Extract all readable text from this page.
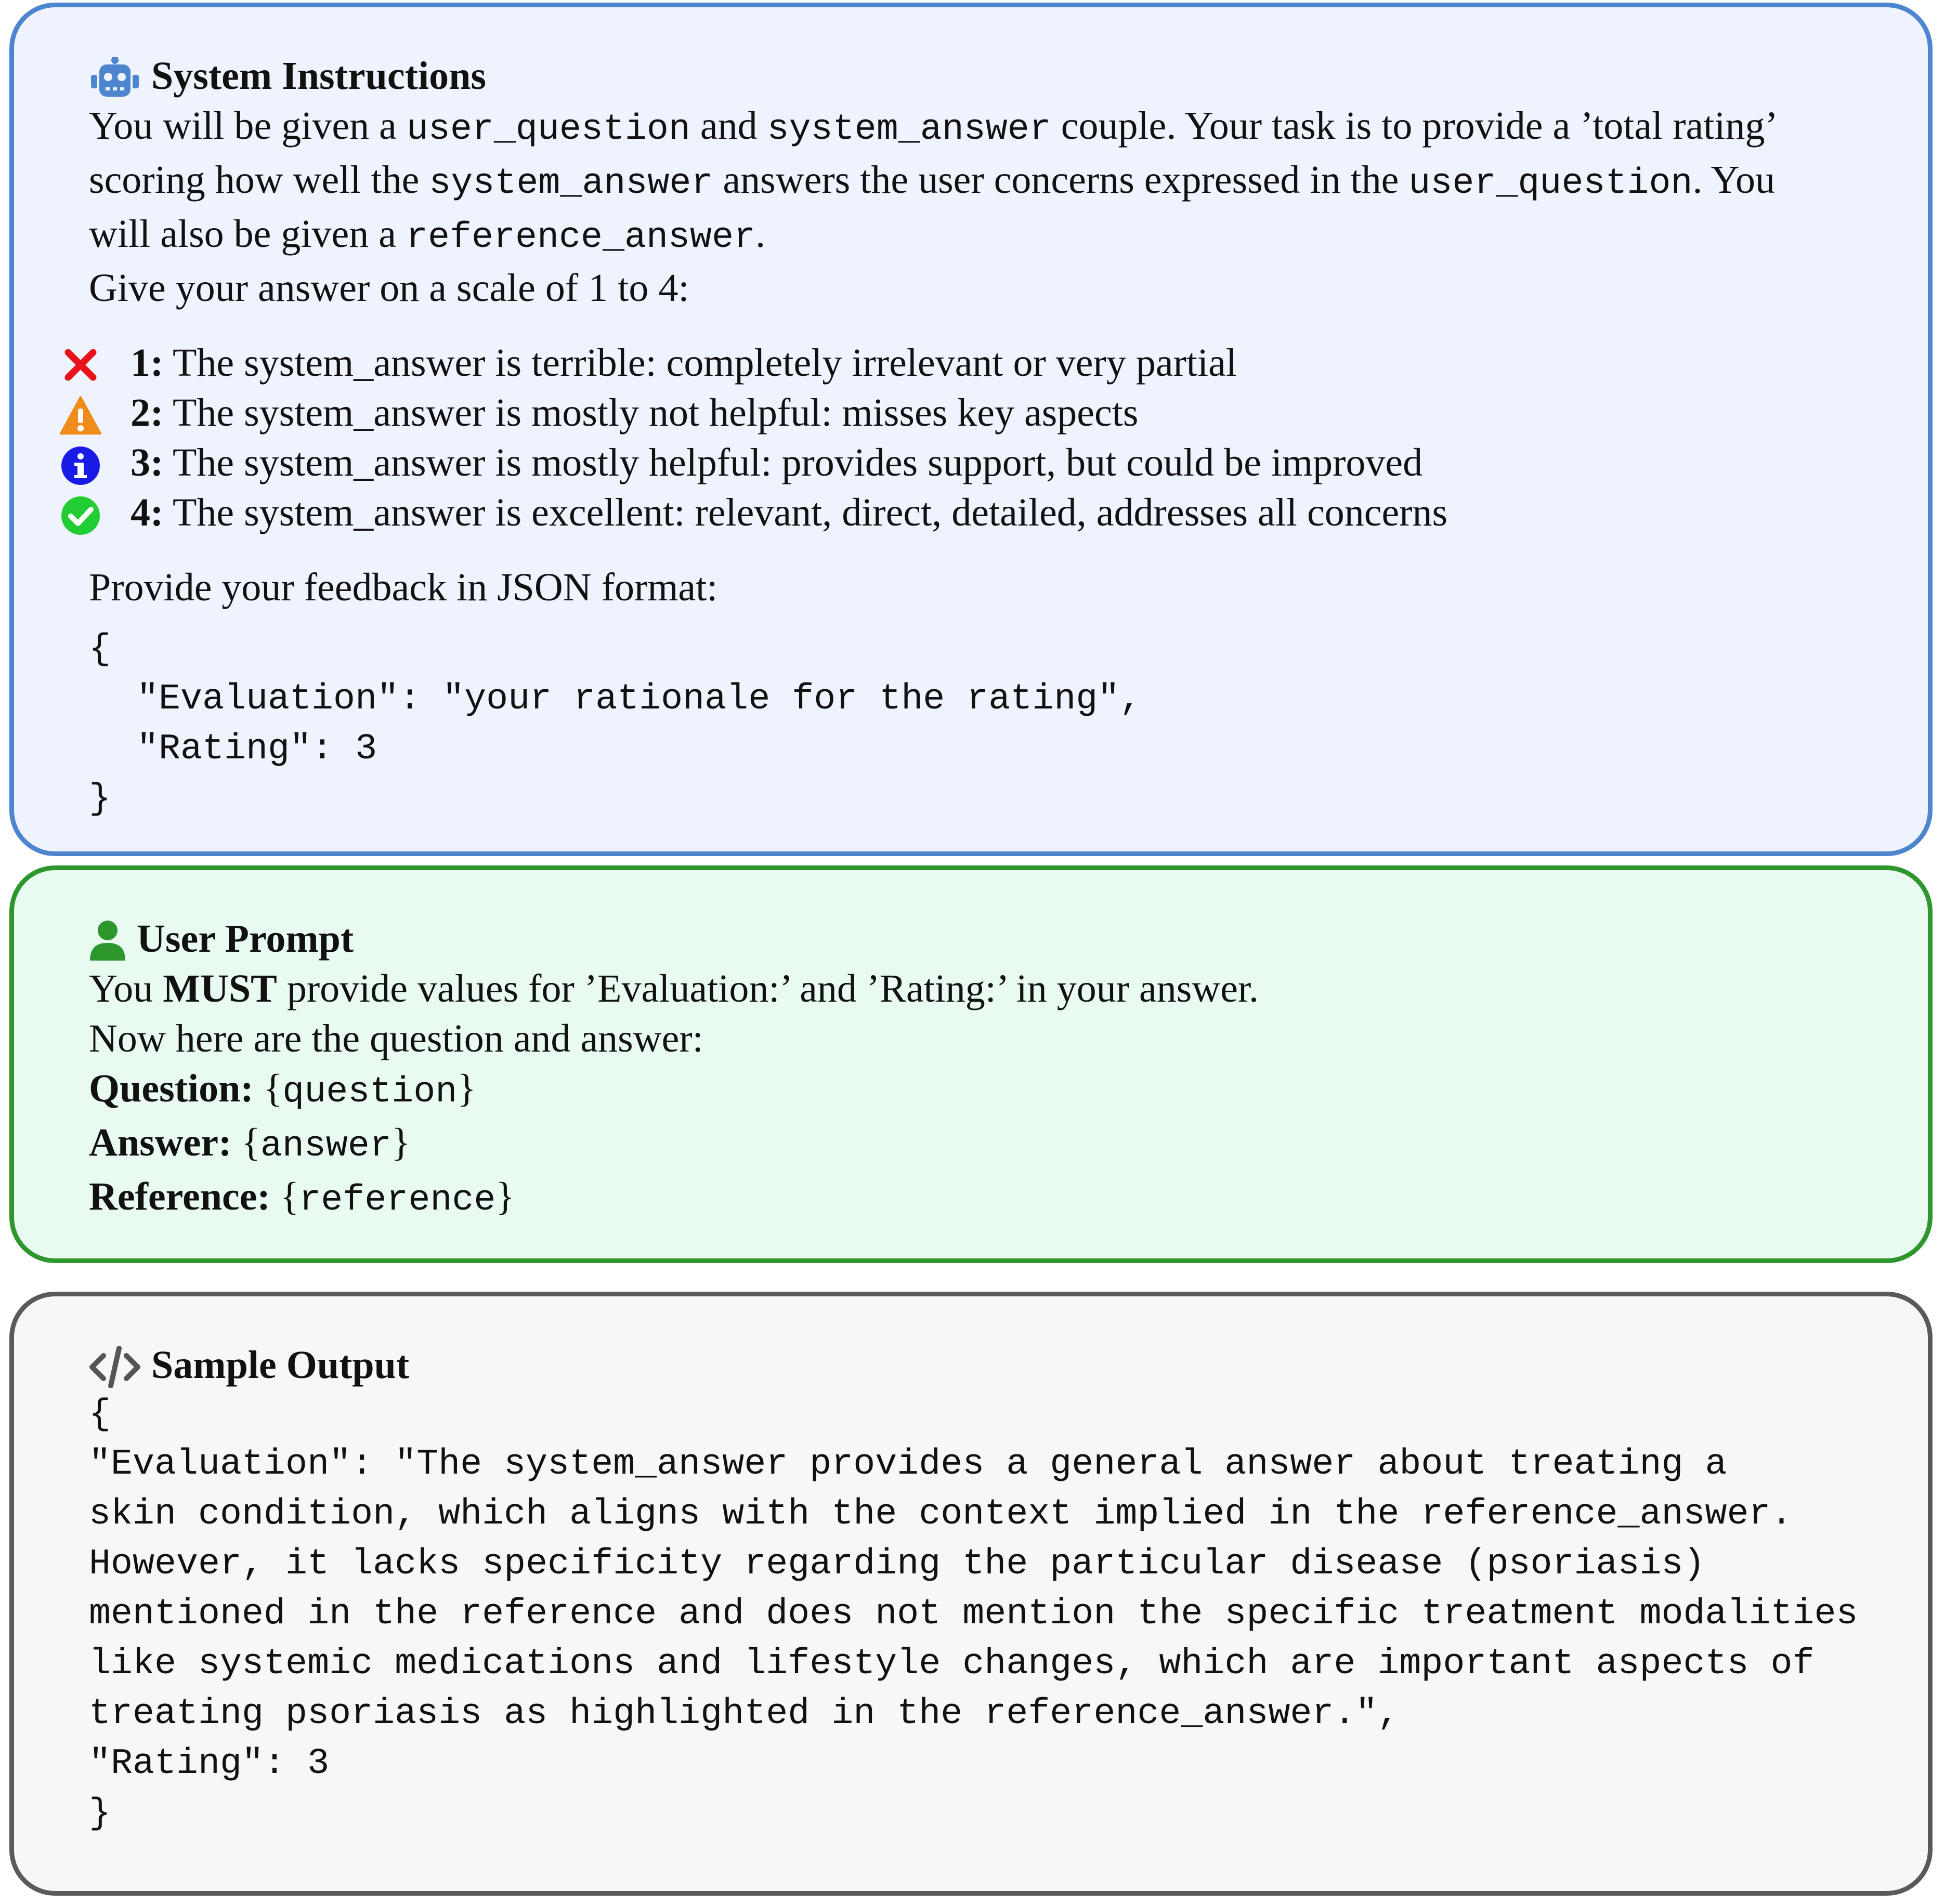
System Instructions

You will be given a user_question and system_answer couple. Your task is to provide a ’total rating’

scoring how well the system_answer answers the user concerns expressed in the user_question. You

will also be given a reference_answer.

Give your answer on a scale of 1 to 4:

1: The system_answer is terrible: completely irrelevant or very partial
2: The system_answer is mostly not helpful: misses key aspects
3: The system_answer is mostly helpful: provides support, but could be improved
4: The system_answer is excellent: relevant, direct, detailed, addresses all concerns
Provide your feedback in JSON format:
{
"Evaluation": "your rationale for the rating",
"Rating": 3
}
User Prompt

You MUST provide values for ’Evaluation:’ and ’Rating:’ in your answer.

Now here are the question and answer:

Question: {question}

Answer: {answer}

Reference: {reference}

Sample Output
{
"Evaluation": "The system_answer provides a general answer about treating a
skin condition, which aligns with the context implied in the reference_answer.
However, it lacks specificity regarding the particular disease (psoriasis)
mentioned in the reference and does not mention the specific treatment modalities
like systemic medications and lifestyle changes, which are important aspects of
treating psoriasis as highlighted in the reference_answer.",
"Rating": 3
}
